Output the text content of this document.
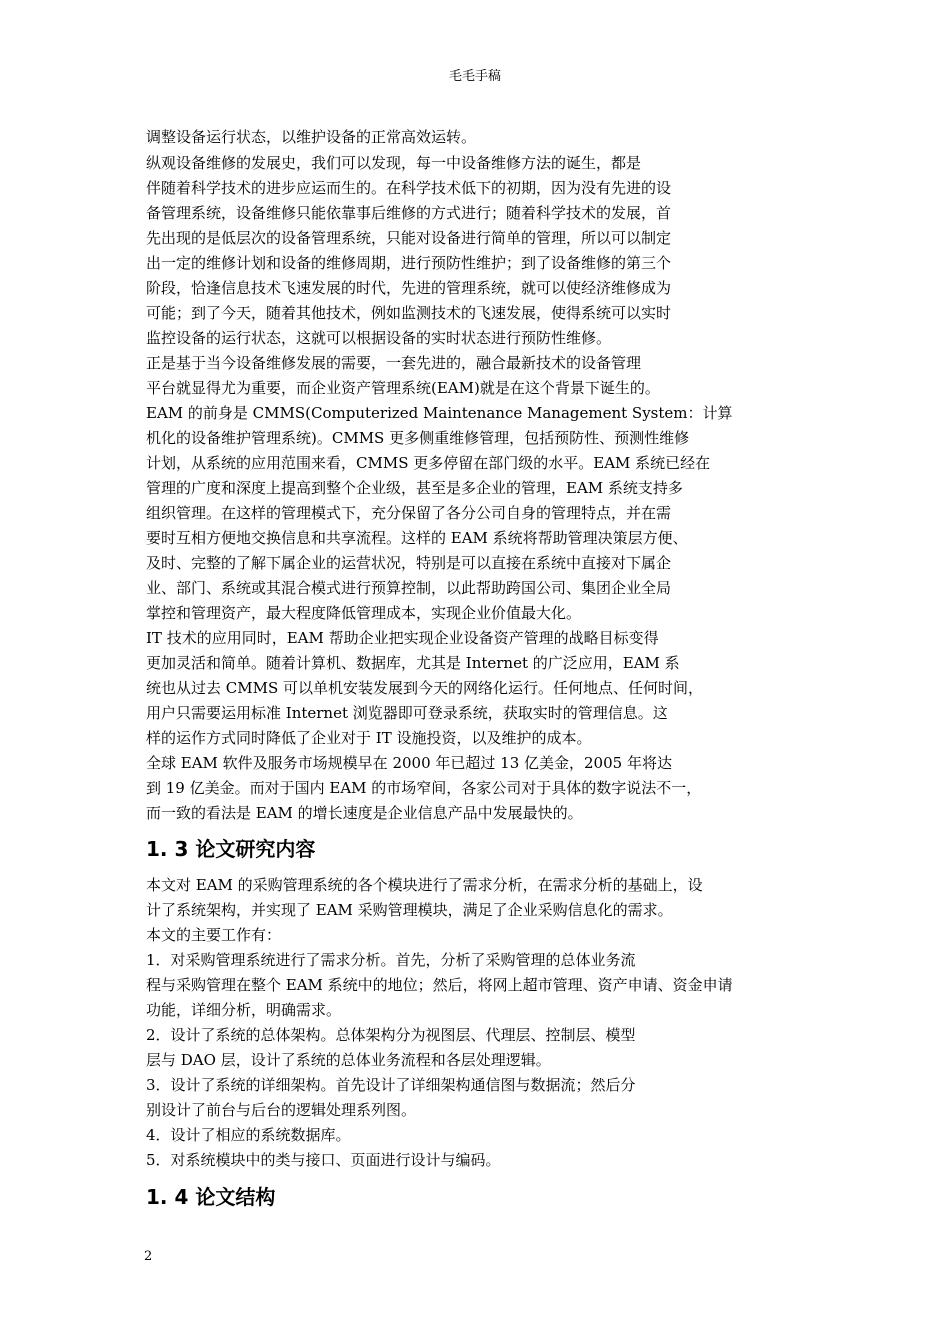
毛毛手稿
调整设备运行状态，以维护设备的正常高效运转。
纵观设备维修的发展史，我们可以发现，每一中设备维修方法的诞生，都是
伴随着科学技术的进步应运而生的。在科学技术低下的初期，因为没有先进的设
备管理系统，设备维修只能依靠事后维修的方式进行；随着科学技术的发展，首
先出现的是低层次的设备管理系统，只能对设备进行简单的管理，所以可以制定
出一定的维修计划和设备的维修周期，进行预防性维护；到了设备维修的第三个
阶段，恰逢信息技术飞速发展的时代，先进的管理系统，就可以使经济维修成为
可能；到了今天，随着其他技术，例如监测技术的飞速发展，使得系统可以实时
监控设备的运行状态，这就可以根据设备的实时状态进行预防性维修。
正是基于当今设备维修发展的需要，一套先进的，融合最新技术的设备管理
平台就显得尤为重要，而企业资产管理系统(EAM)就是在这个背景下诞生的。
EAM 的前身是 CMMS(Computerized Maintenance Management System：计算
机化的设备维护管理系统)。CMMS 更多侧重维修管理，包括预防性、预测性维修
计划，从系统的应用范围来看，CMMS 更多停留在部门级的水平。EAM 系统已经在
管理的广度和深度上提高到整个企业级，甚至是多企业的管理，EAM 系统支持多
组织管理。在这样的管理模式下，充分保留了各分公司自身的管理特点，并在需
要时互相方便地交换信息和共享流程。这样的 EAM 系统将帮助管理决策层方便、
及时、完整的了解下属企业的运营状况，特别是可以直接在系统中直接对下属企
业、部门、系统或其混合模式进行预算控制，以此帮助跨国公司、集团企业全局
掌控和管理资产，最大程度降低管理成本，实现企业价值最大化。
IT 技术的应用同时，EAM 帮助企业把实现企业设备资产管理的战略目标变得
更加灵活和简单。随着计算机、数据库，尤其是 Internet 的广泛应用，EAM 系
统也从过去 CMMS 可以单机安装发展到今天的网络化运行。任何地点、任何时间，
用户只需要运用标准 Internet 浏览器即可登录系统，获取实时的管理信息。这
样的运作方式同时降低了企业对于 IT 设施投资，以及维护的成本。
全球 EAM 软件及服务市场规模早在 2000 年已超过 13 亿美金，2005 年将达
到 19 亿美金。而对于国内 EAM 的市场窄间，各家公司对于具体的数字说法不一，
而一致的看法是 EAM 的增长速度是企业信息产品中发展最快的。
1. 3 论文研究内容
本文对 EAM 的采购管理系统的各个模块进行了需求分析，在需求分析的基础上，设
计了系统架构，并实现了 EAM 采购管理模块，满足了企业采购信息化的需求。
本文的主要工作有：
1．对采购管理系统进行了需求分析。首先，分析了采购管理的总体业务流
程与采购管理在整个 EAM 系统中的地位；然后，将网上超市管理、资产申请、资金申请
功能，详细分析，明确需求。
2．设计了系统的总体架构。总体架构分为视图层、代理层、控制层、模型
层与 DAO 层，设计了系统的总体业务流程和各层处理逻辑。
3．设计了系统的详细架构。首先设计了详细架构通信图与数据流；然后分
别设计了前台与后台的逻辑处理系列图。
4．设计了相应的系统数据库。
5．对系统模块中的类与接口、页面进行设计与编码。
1. 4 论文结构
2
